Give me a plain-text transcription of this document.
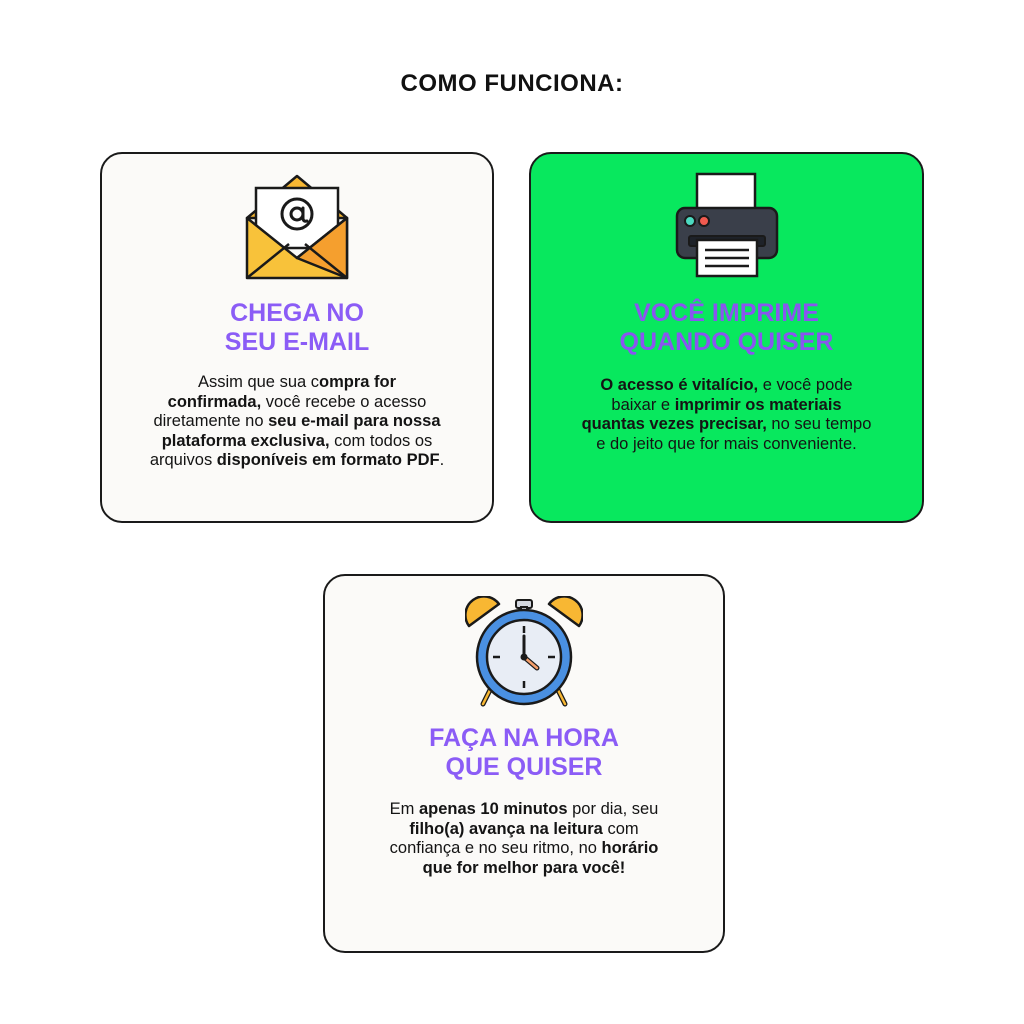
COMO FUNCIONA:
CHEGA NO
SEU E-MAIL
Assim que sua compra for
confirmada, você recebe o acesso
diretamente no seu e-mail para nossa
plataforma exclusiva, com todos os
arquivos disponíveis em formato PDF.
VOCÊ IMPRIME
QUANDO QUISER
O acesso é vitalício, e você pode
baixar e imprimir os materiais
quantas vezes precisar, no seu tempo
e do jeito que for mais conveniente.
FAÇA NA HORA
QUE QUISER
Em apenas 10 minutos por dia, seu
filho(a) avança na leitura com
confiança e no seu ritmo, no horário
que for melhor para você!
